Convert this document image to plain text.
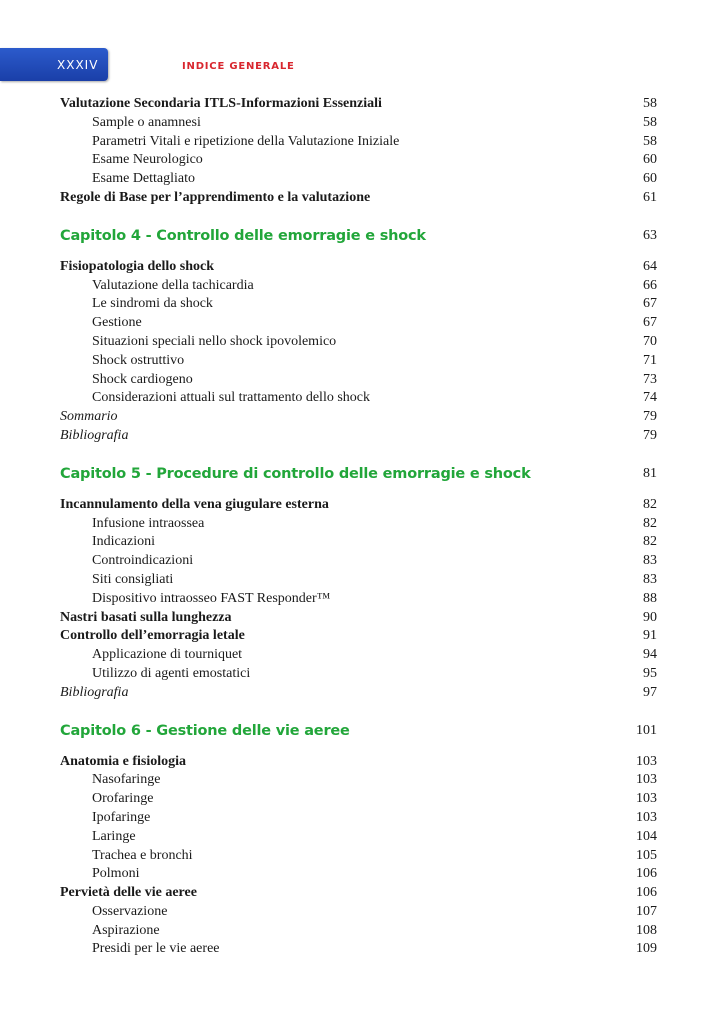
XXXIV	INDICE GENERALE
Valutazione Secondaria ITLS-Informazioni Essenziali	58
Sample o anamnesi	58
Parametri Vitali e ripetizione della Valutazione Iniziale	58
Esame Neurologico	60
Esame Dettagliato	60
Regole di Base per l’apprendimento e la valutazione	61
Capitolo 4 - Controllo delle emorragie e shock	63
Fisiopatologia dello shock	64
Valutazione della tachicardia	66
Le sindromi da shock	67
Gestione	67
Situazioni speciali nello shock ipovolemico	70
Shock ostruttivo	71
Shock cardiogeno	73
Considerazioni attuali sul trattamento dello shock	74
Sommario	79
Bibliografia	79
Capitolo 5 - Procedure di controllo delle emorragie e shock	81
Incannulamento della vena giugulare esterna	82
Infusione intraossea	82
Indicazioni	82
Controindicazioni	83
Siti consigliati	83
Dispositivo intraosseo FAST Responder™	88
Nastri basati sulla lunghezza	90
Controllo dell’emorragia letale	91
Applicazione di tourniquet	94
Utilizzo di agenti emostatici	95
Bibliografia	97
Capitolo 6 - Gestione delle vie aeree	101
Anatomia e fisiologia	103
Nasofaringe	103
Orofaringe	103
Ipofaringe	103
Laringe	104
Trachea e bronchi	105
Polmoni	106
Pervietà delle vie aeree	106
Osservazione	107
Aspirazione	108
Presidi per le vie aeree	109
